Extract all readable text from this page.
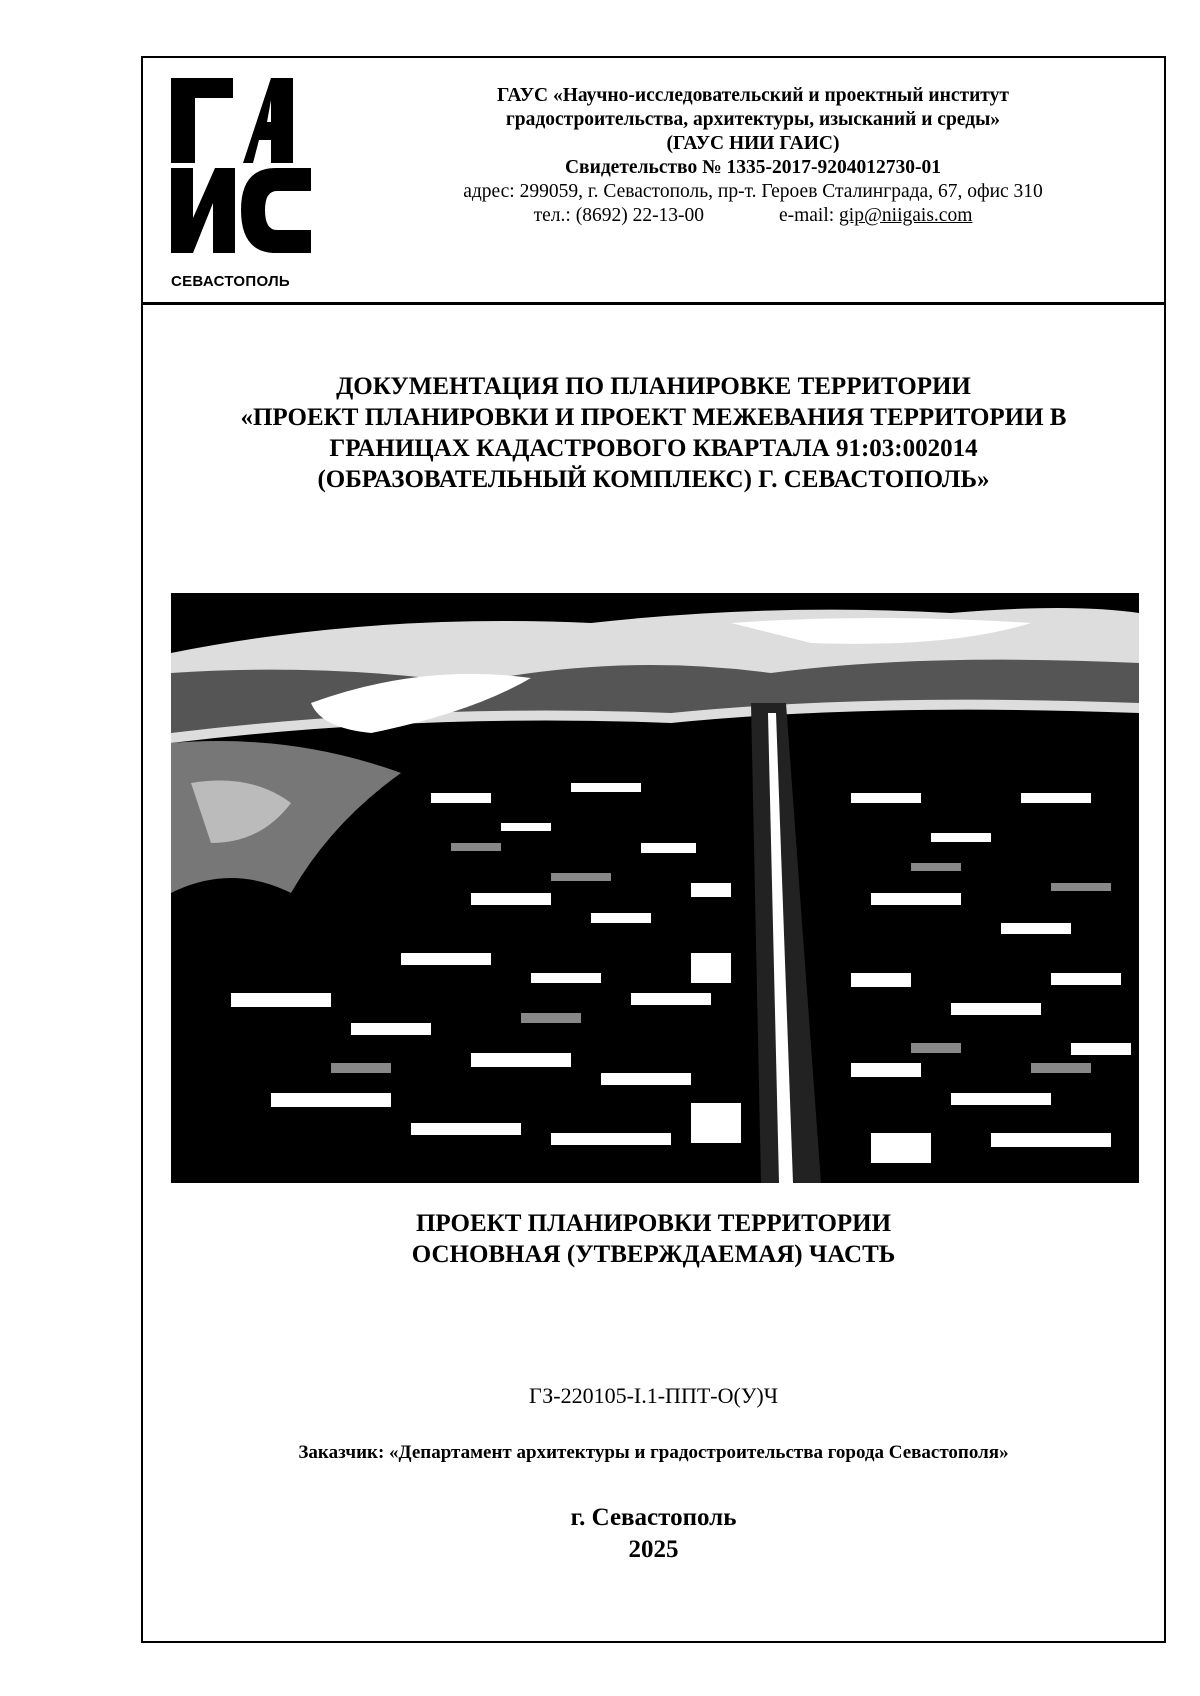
СЕВАСТОПОЛЬ
ГАУС «Научно-исследовательский и проектный институт
градостроительства, архитектуры, изысканий и среды»
(ГАУС НИИ ГАИС)
Свидетельство № 1335-2017-9204012730-01
адрес: 299059, г. Севастополь, пр-т. Героев Сталинграда, 67, офис 310
тел.: (8692) 22-13-00	e-mail: gip@niigais.com
ДОКУМЕНТАЦИЯ ПО ПЛАНИРОВКЕ ТЕРРИТОРИИ
«ПРОЕКТ ПЛАНИРОВКИ И ПРОЕКТ МЕЖЕВАНИЯ ТЕРРИТОРИИ В
ГРАНИЦАХ КАДАСТРОВОГО КВАРТАЛА 91:03:002014
(ОБРАЗОВАТЕЛЬНЫЙ КОМПЛЕКС) Г. СЕВАСТОПОЛЬ»
ПРОЕКТ ПЛАНИРОВКИ ТЕРРИТОРИИ
ОСНОВНАЯ (УТВЕРЖДАЕМАЯ) ЧАСТЬ
ГЗ-220105-I.1-ППТ-О(У)Ч
Заказчик: «Департамент архитектуры и градостроительства города Севастополя»
г. Севастополь
2025
